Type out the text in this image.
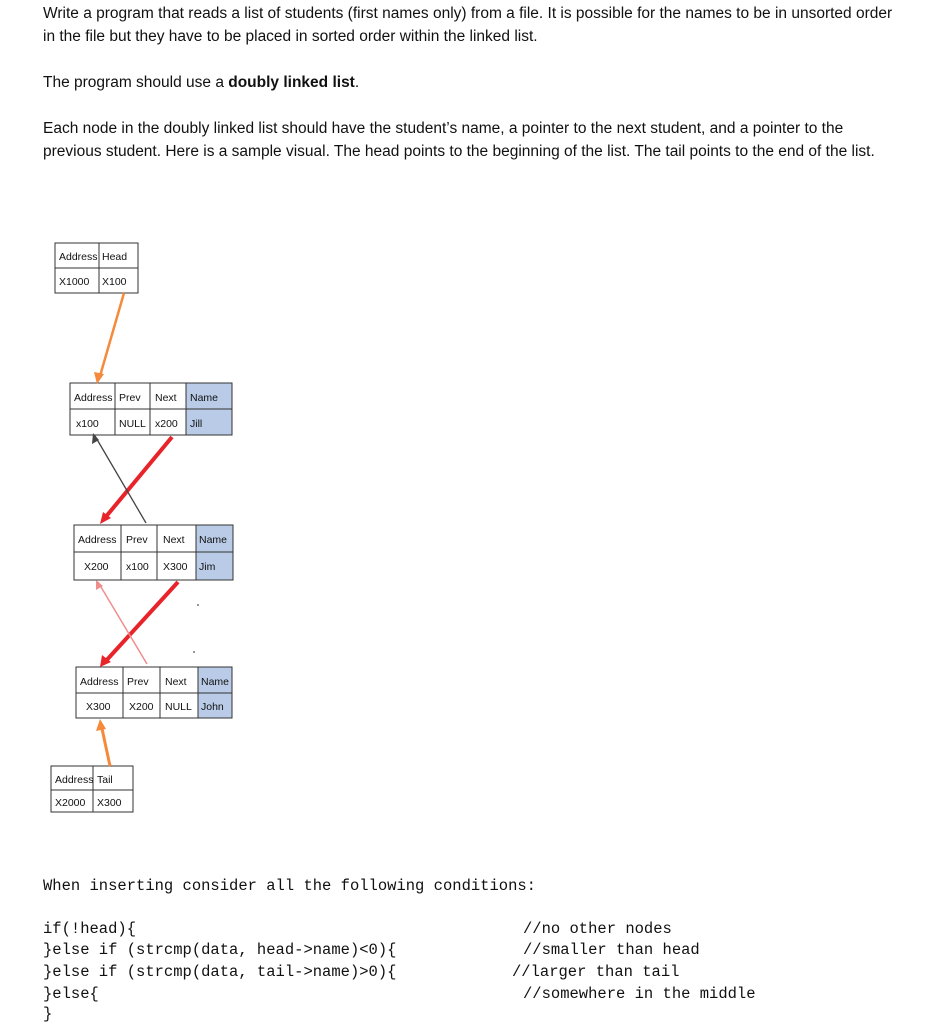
Write a program that reads a list of students (first names only) from a file. It is possible for the names to be in unsorted order in the file but they have to be placed in sorted order within the linked list.

The program should use a doubly linked list.

Each node in the doubly linked list should have the student’s name, a pointer to the next student, and a pointer to the previous student. Here is a sample visual. The head points to the beginning of the list. The tail points to the end of the list.

Address Head
X1000 X100
Address Prev Next Name
x100 NULL x200 Jill
Address Prev Next Name
X200 x100 X300 Jim
Address Prev Next Name
X300 X200 NULL John
Address Tail
X2000 X300

When inserting consider all the following conditions:

if(!head){

}else if (strcmp(data, head->name)<0){

}else if (strcmp(data, tail->name)>0){

}else{

}

//no other nodes

//smaller than head

//larger than tail

//somewhere in the middle
